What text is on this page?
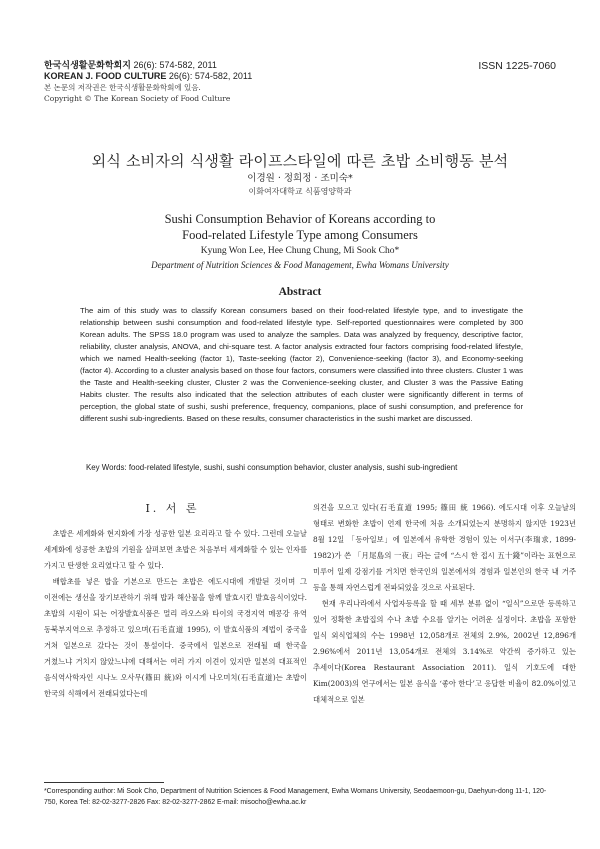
한국식생활문화학회지 26(6): 574-582, 2011
KOREAN J. FOOD CULTURE 26(6): 574-582, 2011
본 논문의 저작권은 한국식생활문화학회에 있음.
Copyright © The Korean Society of Food Culture
ISSN 1225-7060
외식 소비자의 식생활 라이프스타일에 따른 초밥 소비행동 분석
이경원 · 정희정 · 조미숙*
이화여자대학교 식품영양학과
Sushi Consumption Behavior of Koreans according to
Food-related Lifestyle Type among Consumers
Kyung Won Lee, Hee Chung Chung, Mi Sook Cho*
Department of Nutrition Sciences & Food Management, Ewha Womans University
Abstract
The aim of this study was to classify Korean consumers based on their food-related lifestyle type, and to investigate the relationship between sushi consumption and food-related lifestyle type. Self-reported questionnaires were completed by 300 Korean adults. The SPSS 18.0 program was used to analyze the samples. Data was analyzed by frequency, descriptive factor, reliability, cluster analysis, ANOVA, and chi-square test. A factor analysis extracted four factors comprising food-related lifestyle, which we named Health-seeking (factor 1), Taste-seeking (factor 2), Convenience-seeking (factor 3), and Economy-seeking (factor 4). According to a cluster analysis based on those four factors, consumers were classified into three clusters. Cluster 1 was the Taste and Health-seeking cluster, Cluster 2 was the Convenience-seeking cluster, and Cluster 3 was the Passive Eating Habits cluster. The results also indicated that the selection attributes of each cluster were significantly different in terms of perception, the global state of sushi, sushi preference, frequency, companions, place of sushi consumption, and preference for different sushi sub-ingredients. Based on these results, consumer characteristics in the sushi market are discussed.
Key Words: food-related lifestyle, sushi, sushi consumption behavior, cluster analysis, sushi sub-ingredient
Ⅰ. 서 론

초밥은 세계화와 현지화에 가장 성공한 일본 요리라고 할 수 있다. 그런데 오늘날 세계화에 성공한 초밥의 기원을 살펴보면 초밥은 처음부터 세계화할 수 있는 인자를 가지고 탄생한 요리였다고 할 수 있다.

배합초를 넣은 밥을 기본으로 만드는 초밥은 에도시대에 개발된 것이며 그 이전에는 생선을 장기보관하기 위해 밥과 해산물을 함께 발효시킨 발효음식이었다. 초밥의 시원이 되는 어장발효식품은 멀리 라오스와 타이의 국경지역 메콩강 유역 동북부지역으로 추정하고 있으며(石毛直道 1995), 이 발효식품의 제법이 중국을 거쳐 일본으로 갔다는 것이 통설이다. 중국에서 일본으로 전래될 때 한국을 거쳤느냐 거치지 않았느냐에 대해서는 여러 가지 이견이 있지만 일본의 대표적인 음식역사학자인 시나노 오사무(篠田 統)와 이시게 나오미치(石毛直道)는 초밥이 한국의 식해에서 전래되었다는데

의견을 모으고 있다(石毛直道 1995; 篠田 統 1966). 에도시대 이후 오늘날의 형태로 변화한 초밥이 언제 한국에 처음 소개되었는지 분명하지 않지만 1923년 8월 12일 「동아일보」에 일본에서 유학한 경험이 있는 이서구(李瑞求, 1899-1982)가 쓴 「月尾島의 一夜」라는 글에 “스시 한 접시 五十錢”이라는 표현으로 미루어 일제 강점기를 거치면 한국인의 일본에서의 경험과 일본인의 한국 내 거주 등을 통해 자연스럽게 전파되었을 것으로 사료된다.

현재 우리나라에서 사업자등록을 할 때 세부 분류 없이 “일식”으로만 등록하고 있어 정확한 초밥집의 수나 초밥 수요를 알기는 어려운 실정이다. 초밥을 포함한 일식 외식업체의 수는 1998년 12,058개로 전체의 2.9%, 2002년 12,896개 2.96%에서 2011년 13,054개로 전체의 3.14%로 약간씩 증가하고 있는 추세이다(Korea Restaurant Association 2011). 일식 기호도에 대한 Kim(2003)의 연구에서는 일본 음식을 ‘좋아 한다’고 응답한 비율이 82.0%이었고 대체적으로 일본

*Corresponding author: Mi Sook Cho, Department of Nutrition Sciences & Food Management, Ewha Womans University, Seodaemoon-gu, Daehyun-dong 11-1, 120-750, Korea Tel: 82-02-3277-2826 Fax: 82-02-3277-2862 E-mail: misocho@ewha.ac.kr
